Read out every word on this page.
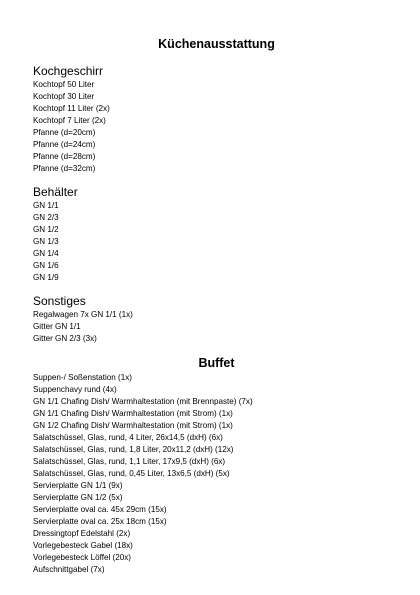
Küchenausstattung
Kochgeschirr
Kochtopf 50 Liter
Kochtopf 30 Liter
Kochtopf 11 Liter (2x)
Kochtopf 7 Liter (2x)
Pfanne (d=20cm)
Pfanne (d=24cm)
Pfanne (d=28cm)
Pfanne (d=32cm)
Behälter
GN 1/1
GN 2/3
GN 1/2
GN 1/3
GN 1/4
GN 1/6
GN 1/9
Sonstiges
Regalwagen 7x GN 1/1 (1x)
Gitter GN 1/1
Gitter GN 2/3 (3x)
Buffet
Suppen-/ Soßenstation (1x)
Suppenchavy rund (4x)
GN 1/1 Chafing Dish/ Warmhaltestation (mit Brennpaste) (7x)
GN 1/1 Chafing Dish/ Warmhaltestation (mit Strom) (1x)
GN 1/2 Chafing Dish/ Warmhaltestation (mit Strom) (1x)
Salatschüssel, Glas, rund, 4 Liter, 26x14,5 (dxH) (6x)
Salatschüssel, Glas, rund, 1,8 Liter, 20x11,2 (dxH) (12x)
Salatschüssel, Glas, rund, 1,1 Liter, 17x9,5 (dxH) (6x)
Salatschüssel, Glas, rund, 0,45 Liter, 13x6,5 (dxH) (5x)
Servierplatte GN 1/1 (9x)
Servierplatte GN 1/2 (5x)
Servierplatte oval ca. 45x 29cm (15x)
Servierplatte oval ca. 25x 18cm (15x)
Dressingtopf Edelstahl (2x)
Vorlegebesteck Gabel (18x)
Vorlegebesteck Löffel (20x)
Aufschnittgabel (7x)
